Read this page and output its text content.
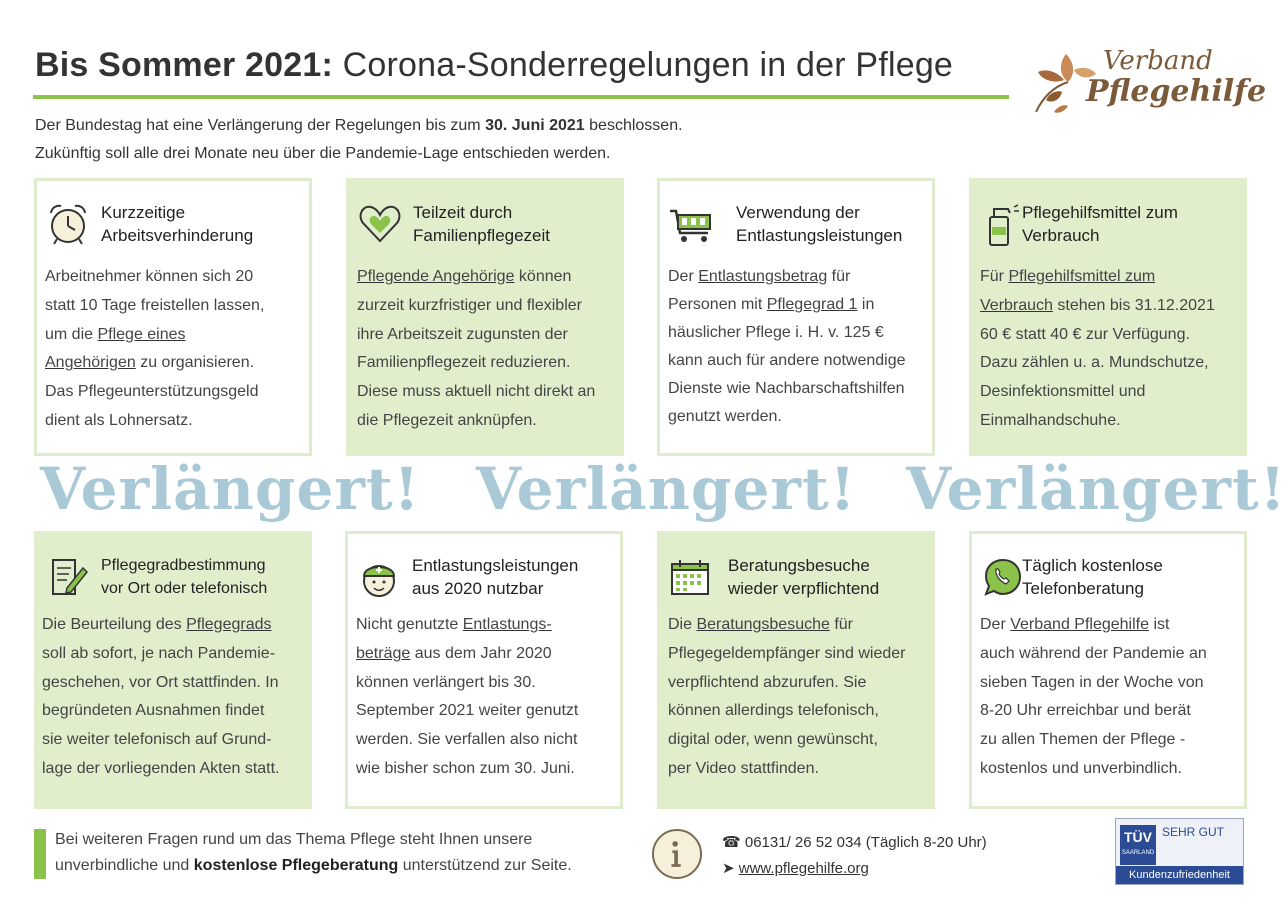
Bis Sommer 2021: Corona-Sonderregelungen in der Pflege	Verband
Pflegehilfe
Der Bundestag hat eine Verlängerung der Regelungen bis zum 30. Juni 2021 beschlossen.
Zukünftig soll alle drei Monate neu über die Pandemie-Lage entschieden werden.
Kurzzeitige
Arbeitsverhinderung
Arbeitnehmer können sich 20
statt 10 Tage freistellen lassen,
um die Pflege eines
Angehörigen zu organisieren.
Das Pflegeunterstützungsgeld
dient als Lohnersatz.
Teilzeit durch
Familienpflegezeit
Pflegende Angehörige können
zurzeit kurzfristiger und flexibler
ihre Arbeitszeit zugunsten der
Familienpflegezeit reduzieren.
Diese muss aktuell nicht direkt an
die Pflegezeit anknüpfen.
Verwendung der
Entlastungsleistungen
Der Entlastungsbetrag für
Personen mit Pflegegrad 1 in
häuslicher Pflege i. H. v. 125 €
kann auch für andere notwendige
Dienste wie Nachbarschaftshilfen
genutzt werden.
Pflegehilfsmittel zum
Verbrauch
Für Pflegehilfsmittel zum
Verbrauch stehen bis 31.12.2021
60 € statt 40 € zur Verfügung.
Dazu zählen u. a. Mundschutze,
Desinfektionsmittel und
Einmalhandschuhe.
Verlängert! Verlängert! Verlängert!
Pflegegradbestimmung
vor Ort oder telefonisch
Die Beurteilung des Pflegegrads
soll ab sofort, je nach Pandemie-
geschehen, vor Ort stattfinden. In
begründeten Ausnahmen findet
sie weiter telefonisch auf Grund-
lage der vorliegenden Akten statt.
Entlastungsleistungen
aus 2020 nutzbar
Nicht genutzte Entlastungs-
beträge aus dem Jahr 2020
können verlängert bis 30.
September 2021 weiter genutzt
werden. Sie verfallen also nicht
wie bisher schon zum 30. Juni.
Beratungsbesuche
wieder verpflichtend
Die Beratungsbesuche für
Pflegegeldempfänger sind wieder
verpflichtend abzurufen. Sie
können allerdings telefonisch,
digital oder, wenn gewünscht,
per Video stattfinden.
Täglich kostenlose
Telefonberatung
Der Verband Pflegehilfe ist
auch während der Pandemie an
sieben Tagen in der Woche von
8-20 Uhr erreichbar und berät
zu allen Themen der Pflege -
kostenlos und unverbindlich.
Bei weiteren Fragen rund um das Thema Pflege steht Ihnen unsere
unverbindliche und kostenlose Pflegeberatung unterstützend zur Seite.
☎ 06131/ 26 52 034 (Täglich 8-20 Uhr)
➤ www.pflegehilfe.org
TÜV
SAARLAND
SEHR GUT
Kundenzufriedenheit
